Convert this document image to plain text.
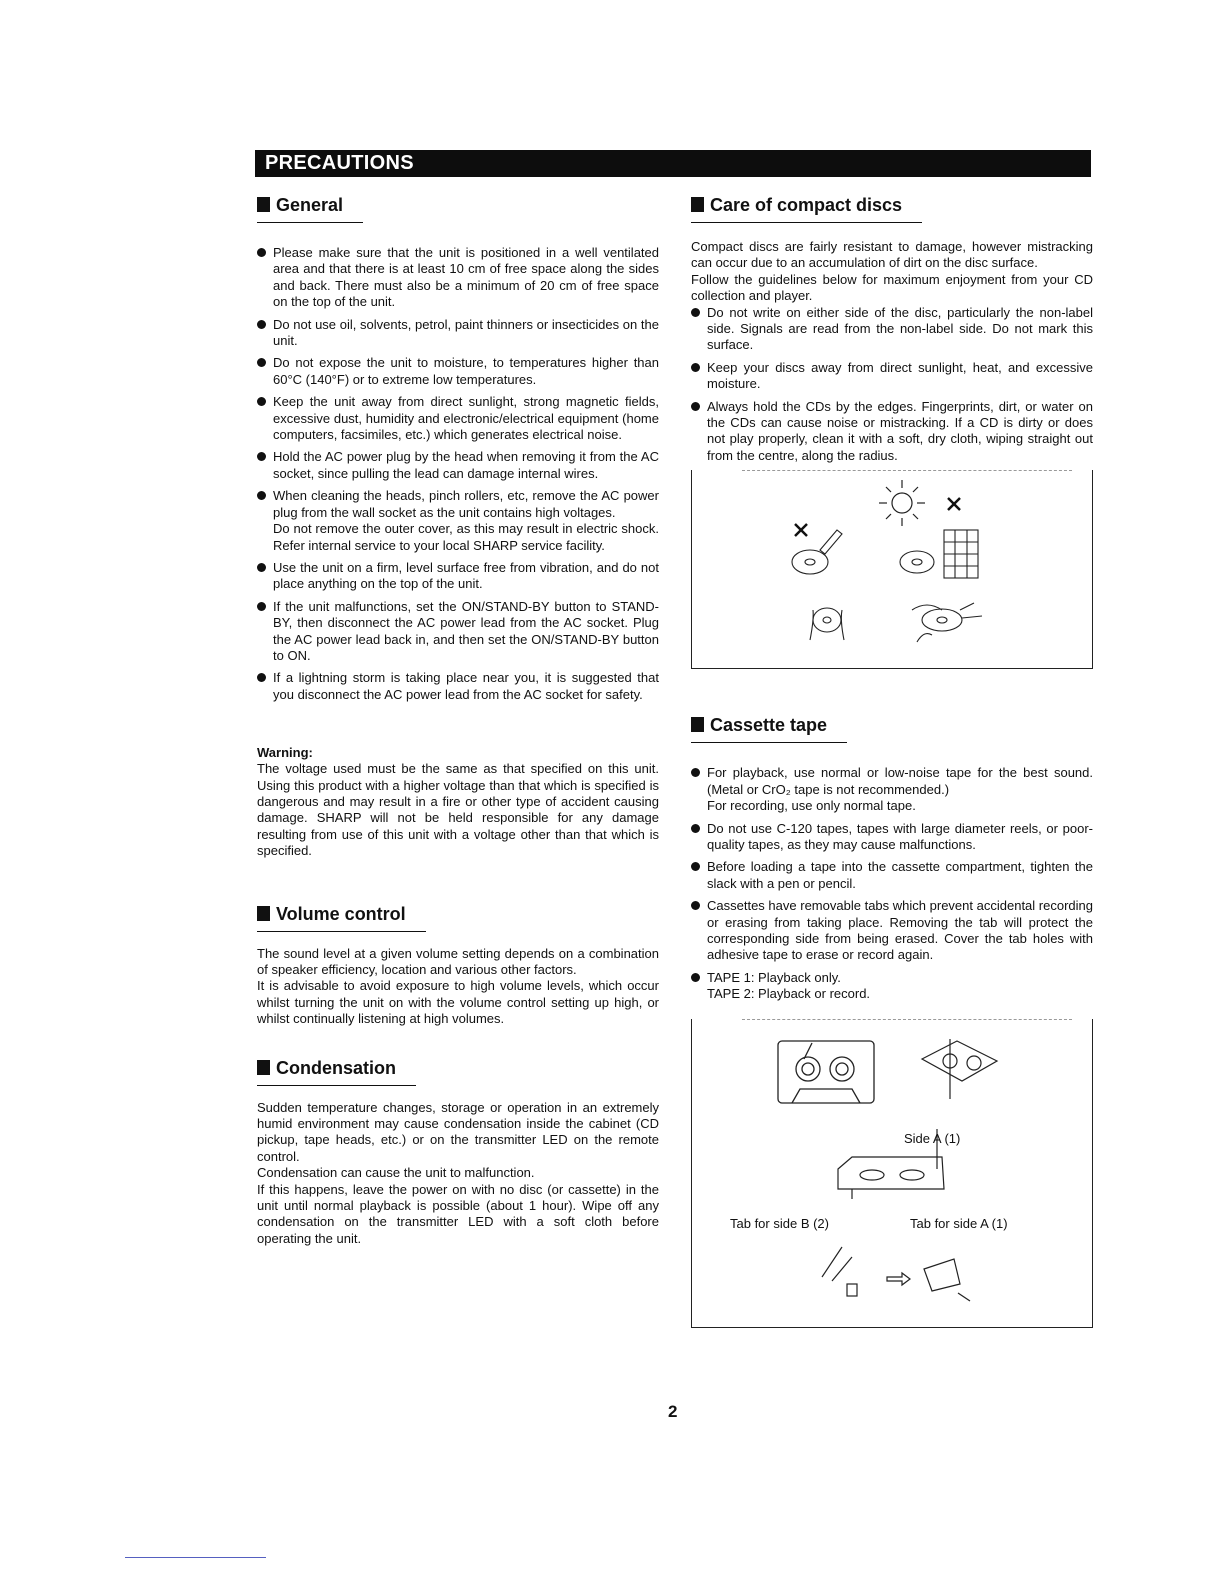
PRECAUTIONS
General
Please make sure that the unit is positioned in a well ventilated area and that there is at least 10 cm of free space along the sides and back. There must also be a minimum of 20 cm of free space on the top of the unit.
Do not use oil, solvents, petrol, paint thinners or insecticides on the unit.
Do not expose the unit to moisture, to temperatures higher than 60°C (140°F) or to extreme low temperatures.
Keep the unit away from direct sunlight, strong magnetic fields, excessive dust, humidity and electronic/electrical equipment (home computers, facsimiles, etc.) which generates electrical noise.
Hold the AC power plug by the head when removing it from the AC socket, since pulling the lead can damage internal wires.
When cleaning the heads, pinch rollers, etc, remove the AC power plug from the wall socket as the unit contains high voltages.
Do not remove the outer cover, as this may result in electric shock. Refer internal service to your local SHARP service facility.
Use the unit on a firm, level surface free from vibration, and do not place anything on the top of the unit.
If the unit malfunctions, set the ON/STAND-BY button to STAND-BY, then disconnect the AC power lead from the AC socket. Plug the AC power lead back in, and then set the ON/STAND-BY button to ON.
If a lightning storm is taking place near you, it is suggested that you disconnect the AC power lead from the AC socket for safety.

Warning:

The voltage used must be the same as that specified on this unit. Using this product with a higher voltage than that which is specified is dangerous and may result in a fire or other type of accident causing damage. SHARP will not be held responsible for any damage resulting from use of this unit with a voltage other than that which is specified.

Volume control

The sound level at a given volume setting depends on a combination of speaker efficiency, location and various other factors.

It is advisable to avoid exposure to high volume levels, which occur whilst turning the unit on with the volume control setting up high, or whilst continually listening at high volumes.

Condensation

Sudden temperature changes, storage or operation in an extremely humid environment may cause condensation inside the cabinet (CD pickup, tape heads, etc.) or on the transmitter LED on the remote control.

Condensation can cause the unit to malfunction.

If this happens, leave the power on with no disc (or cassette) in the unit until normal playback is possible (about 1 hour). Wipe off any condensation on the transmitter LED with a soft cloth before operating the unit.

Care of compact discs

Compact discs are fairly resistant to damage, however mistracking can occur due to an accumulation of dirt on the disc surface.

Follow the guidelines below for maximum enjoyment from your CD collection and player.

Do not write on either side of the disc, particularly the non-label side. Signals are read from the non-label side. Do not mark this surface.
Keep your discs away from direct sunlight, heat, and excessive moisture.
Always hold the CDs by the edges. Fingerprints, dirt, or water on the CDs can cause noise or mistracking. If a CD is dirty or does not play properly, clean it with a soft, dry cloth, wiping straight out from the centre, along the radius.
Cassette tape
For playback, use normal or low-noise tape for the best sound. (Metal or CrO₂ tape is not recommended.)
For recording, use only normal tape.
Do not use C-120 tapes, tapes with large diameter reels, or poor-quality tapes, as they may cause malfunctions.
Before loading a tape into the cassette compartment, tighten the slack with a pen or pencil.
Cassettes have removable tabs which prevent accidental recording or erasing from taking place. Removing the tab will protect the corresponding side from being erased. Cover the tab holes with adhesive tape to erase or record again.
TAPE 1: Playback only.
TAPE 2: Playback or record.
Side A (1)
Tab for side B (2)	Tab for side A (1)
2
